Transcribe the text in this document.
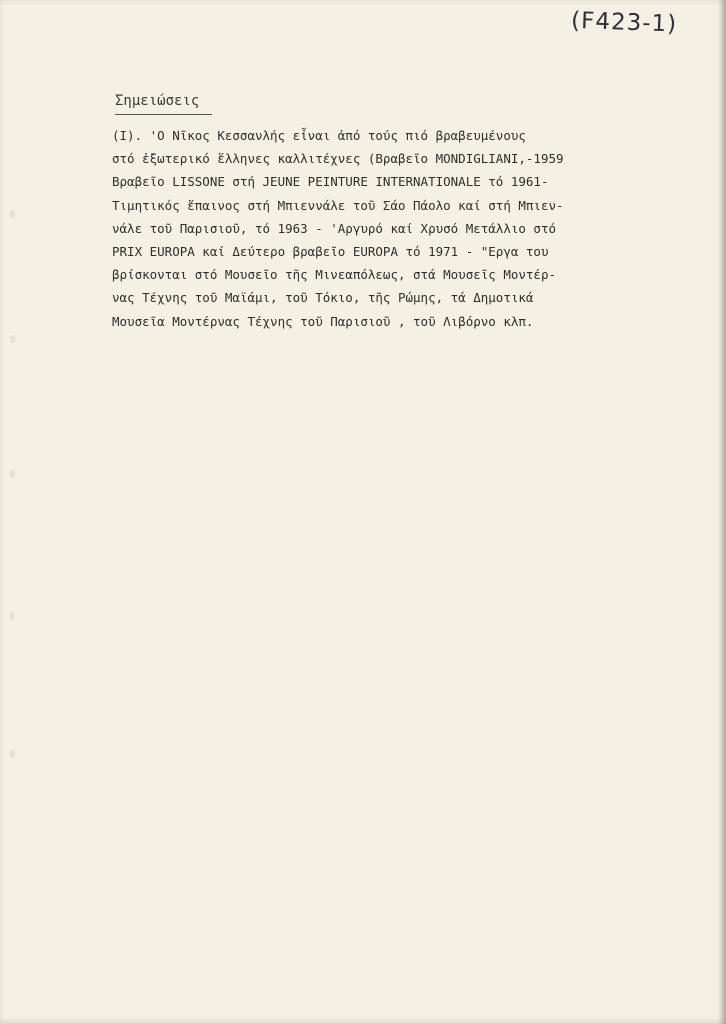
(F423-1)
Σημειώσεις
(I). 'O Nῖκος Κεσσανλής εἶναι ἀπό τούς πιό βραβευμένους
στό ἐξωτερικό ἕλληνες καλλιτέχνες (Βραβεῖο MONDIGLIANI,-1959
Βραβεῖο LISSONE στή JEUNE PEINTURE INTERNATIONALE τό 1961-
Τιμητικός ἔπαινος στή Μπιεννάλε τοῦ Σάο Πάολο καί στή Μπιεν-
νάλε τοῦ Παρισιοῦ, τό 1963 - 'Αργυρό καί Χρυσό Μετάλλιο στό
PRIX EUROPA καί Δεύτερο βραβεῖο EUROPA τό 1971 - "Εργα του
βρίσκονται στό Μουσεῖο τῆς Μινεαπόλεως, στά Μουσεῖς Μοντέρ-
νας Τέχνης τοῦ Μαϊάμι, τοῦ Τόκιο, τῆς Ρώμης, τά Δημοτικά
Μουσεῖα Μοντέρνας Τέχνης τοῦ Παρισιοῦ , τοῦ Λιβόρνο κλπ.
